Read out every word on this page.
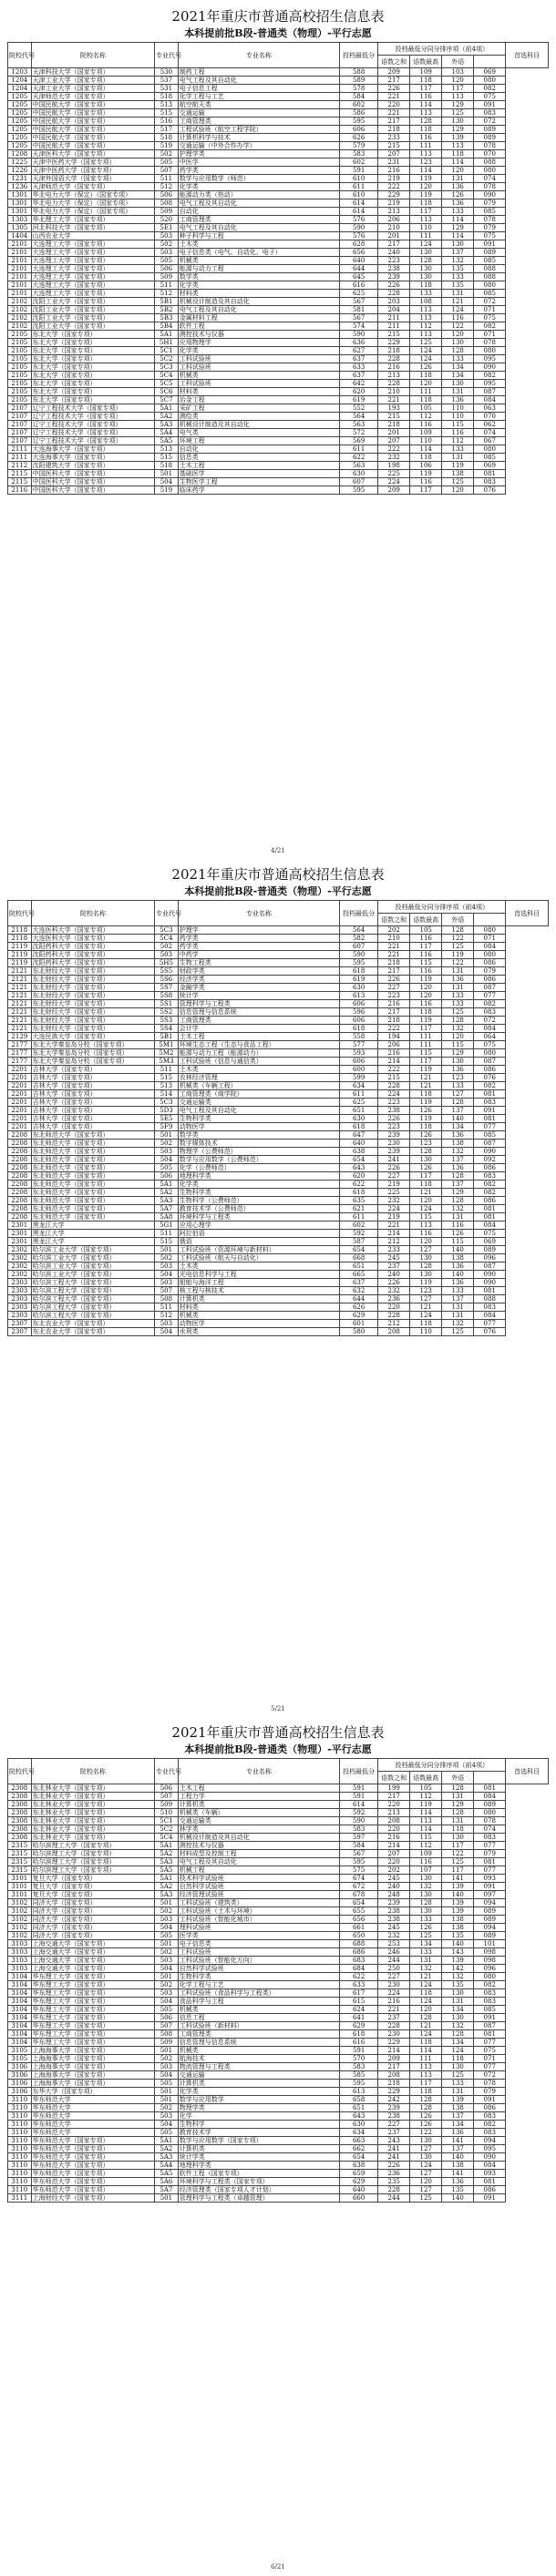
2021年重庆市普通高校招生信息表
本科提前批B段-普通类（物理）-平行志愿
院校代号	院校名称	专业代号	专业名称	投档最低分	投档最低分同分排序项（前4项）				首选科目
					语数之和	语数最高	外语		
1203	天津科技大学（国家专项）	530	制药工程	588	209	109	103	069	
1204	天津工业大学（国家专项）	537	电气工程及其自动化	589	217	118	120	080	
1204	天津工业大学（国家专项）	531	电子信息工程	578	226	117	117	082	
1205	天津师范大学（国家专项）	518	化学工程与工艺	584	221	116	113	075	
1205	中国民航大学（国家专项）	513	航空航天类	602	220	114	129	091	
1205	中国民航大学（国家专项）	515	交通运输	586	221	113	125	083	
1205	中国民航大学（国家专项）	516	工商管理类	595	217	128	130	072	
1205	中国民航大学（国家专项）	517	工程试验班（航空工程学院）	606	218	118	129	089	
1205	中国民航大学（国家专项）	518	计算机科学与技术	626	233	116	139	089	
1205	中国民航大学（国家专项）	519	交通运输（中外合作办学）	579	215	111	113	078	
1208	天津医科大学（国家专项）	502	护理学类	583	207	113	118	070	
1225	天津中医药大学（国家专项）	505	中医学	602	231	123	114	088	
1226	天津中医药大学（国家专项）	507	药学类	591	216	114	120	080	
1231	天津外国语大学（国家专项）	511	数学与应用数学（师范）	610	219	119	131	074	
1236	天津师范大学（国家专项）	512	化学类	611	222	120	136	078	
1301	华北电力大学（保定）（国家专项）	506	能源动力类（热动）	610	229	119	126	090	
1301	华北电力大学（保定）（国家专项）	508	电气工程及其自动化	614	219	118	136	079	
1301	华北电力大学（保定）（国家专项）	509	自动化	614	213	117	133	085	
1303	华北理工大学（国家专项）	520	工商管理类	576	206	113	114	078	
1305	河北科技大学（国家专项）	5E1	电气工程及其自动化	590	210	110	129	079	
1404	山西农业大学	503	种子科学与工程	576	201	111	114	075	
2101	大连理工大学（国家专项）	502	土木类	628	217	124	130	091	
2101	大连理工大学（国家专项）	503	电子信息类（电气、自动化、电子）	656	240	130	137	089	
2101	大连理工大学（国家专项）	505	机械类	640	223	128	132	085	
2101	大连理工大学（国家专项）	506	能源与动力工程	644	238	130	135	088	
2101	大连理工大学（国家专项）	509	数学类	645	239	130	133	088	
2101	大连理工大学（国家专项）	511	化学类	616	226	118	135	080	
2101	大连理工大学（国家专项）	512	材料类	625	228	133	131	085	
2102	沈阳工业大学（国家专项）	5B1	机械设计制造及其自动化	567	203	108	121	072	
2102	沈阳工业大学（国家专项）	5B2	电气工程及其自动化	581	204	113	124	071	
2102	沈阳工业大学（国家专项）	5B3	金属材料工程	567	211	113	116	075	
2102	沈阳工业大学（国家专项）	5B4	软件工程	574	211	112	122	082	
2105	东北大学（国家专项）	5A1	测控技术与仪器	590	215	113	120	071	
2105	东北大学（国家专项）	5H1	应用物理学	636	229	125	130	078	
2105	东北大学（国家专项）	5C1	化学类	627	218	124	128	080	
2105	东北大学（国家专项）	5C2	工科试验班	637	228	124	133	095	
2105	东北大学（国家专项）	5C3	工科试验班	633	216	126	134	090	
2105	东北大学（国家专项）	5C4	机械类	637	213	118	134	082	
2105	东北大学（国家专项）	5C5	工科试验班	642	228	120	130	095	
2105	东北大学（国家专项）	5C6	材料类	620	210	111	131	087	
2105	东北大学（国家专项）	5C7	冶金工程	619	221	118	136	084	
2107	辽宁工程技术大学（国家专项）	5A1	采矿工程	552	193	105	110	063	
2107	辽宁工程技术大学（国家专项）	5A2	测绘类	564	215	112	110	070	
2107	辽宁工程技术大学（国家专项）	5A3	机械设计制造及其自动化	563	218	116	115	062	
2107	辽宁工程技术大学（国家专项）	5A4	电气类	572	201	109	116	074	
2107	辽宁工程技术大学（国家专项）	5A5	环境工程	569	207	110	112	067	
2111	大连海事大学（国家专项）	513	自动化	611	222	114	133	080	
2111	大连海事大学（国家专项）	515	信息类	622	232	118	131	085	
2112	沈阳建筑大学（国家专项）	518	土木工程	563	198	106	119	069	
2115	中国医科大学（国家专项）	501	基础医学	630	225	119	138	081	
2115	中国医科大学（国家专项）	504	生物医学工程	607	224	116	125	083	
2116	中国医科大学（国家专项）	519	临床药学	595	209	117	120	076	
4/21
2021年重庆市普通高校招生信息表
本科提前批B段-普通类（物理）-平行志愿
院校代号	院校名称	专业代号	专业名称	投档最低分	投档最低分同分排序项（前4项）				首选科目
					语数之和	语数最高	外语		
2118	大连医科大学（国家专项）	5C3	护理学	564	202	105	128	080	
2118	大连医科大学（国家专项）	5C4	药学类	582	210	116	122	071	
2119	沈阳药科大学（国家专项）	502	药学类	607	221	117	125	084	
2119	沈阳药科大学（国家专项）	503	中药学	590	221	116	119	080	
2119	沈阳药科大学（国家专项）	5H5	生物工程类	595	218	115	122	086	
2121	东北财经大学（国家专项）	5S5	财政学类	618	217	116	131	079	
2121	东北财经大学（国家专项）	5S6	经济学类	619	226	119	136	086	
2121	东北财经大学（国家专项）	5S7	金融学类	630	227	120	131	087	
2121	东北财经大学（国家专项）	5S8	统计学	613	223	120	133	077	
2121	东北财经大学（国家专项）	5S1	管理科学与工程类	606	216	116	133	082	
2121	东北财经大学（国家专项）	5S2	信息管理与信息系统	596	217	118	125	083	
2121	东北财经大学（国家专项）	5S3	工商管理类	606	218	119	128	072	
2121	东北财经大学（国家专项）	5S4	会计学	618	222	117	132	084	
2129	大连民族大学（国家专项）	5B1	土木工程	558	194	111	120	064	
2177	东北大学秦皇岛分校（国家专项）	5M1	环境生态工程（生态与食品工程）	577	206	111	115	075	
2177	东北大学秦皇岛分校（国家专项）	5M2	能源与动力工程（能源动力）	593	216	115	129	080	
2177	东北大学秦皇岛分校（国家专项）	5M3	工科试验班（信息与通信类）	606	214	117	130	087	
2201	吉林大学（国家专项）	511	土木类	600	222	119	136	086	
2201	吉林大学（国家专项）	515	农林经济管理	599	215	121	123	076	
2201	吉林大学（国家专项）	513	机械类（车辆工程）	634	228	121	133	082	
2201	吉林大学（国家专项）	514	工商管理类（商学院）	611	224	118	127	081	
2201	吉林大学（国家专项）	5C3	交通运输类	625	223	119	128	083	
2201	吉林大学（国家专项）	5D3	电气工程及其自动化	651	238	126	137	091	
2201	吉林大学（国家专项）	5E5	生物科学类	630	226	119	140	081	
2201	吉林大学（国家专项）	5F9	动物医学	618	223	118	134	077	
2208	东北师范大学（国家专项）	501	数学类	647	239	126	136	085	
2208	东北师范大学（国家专项）	502	数字媒体技术	640	230	123	138	087	
2208	东北师范大学（国家专项）	503	物理学（公费师范）	638	239	128	132	090	
2208	东北师范大学（国家专项）	504	数学与应用数学（公费师范）	654	241	130	137	092	
2208	东北师范大学（国家专项）	505	化学（公费师范）	643	226	126	136	086	
2208	东北师范大学（国家专项）	506	地理科学类	620	227	117	128	083	
2208	东北师范大学（国家专项）	5A1	化学类	622	219	118	137	082	
2208	东北师范大学（国家专项）	5A2	生物科学类	618	225	121	129	082	
2208	东北师范大学（国家专项）	5A3	生物科学（公费师范）	635	232	120	128	086	
2208	东北师范大学（国家专项）	5A7	教育技术学（公费师范）	621	224	124	132	081	
2208	东北师范大学（国家专项）	5A8	环境科学与工程类	611	219	115	131	081	
2301	黑龙江大学	5G1	应用心理学	602	221	113	116	084	
2301	黑龙江大学	511	阿拉伯语	592	214	116	126	075	
2301	黑龙江大学	515	俄语	587	212	120	115	069	
2302	哈尔滨工业大学（国家专项）	501	工科试验班（资源环境与新材料）	654	233	127	140	089	
2302	哈尔滨工业大学（国家专项）	502	工科试验班（航天与自动化）	668	245	130	138	096	
2302	哈尔滨工业大学（国家专项）	503	土木类	651	237	128	136	087	
2302	哈尔滨工业大学（国家专项）	504	光电信息科学与工程	665	240	130	140	090	
2303	哈尔滨工程大学（国家专项）	503	船舶与海洋工程	637	226	119	136	090	
2303	哈尔滨工程大学（国家专项）	507	核工程与核技术	632	232	123	133	081	
2303	哈尔滨工程大学（国家专项）	508	计算机类	644	236	127	137	088	
2303	哈尔滨工程大学（国家专项）	511	材料类	626	220	121	131	083	
2303	哈尔滨工程大学（国家专项）	512	机械类	629	228	124	131	084	
2307	东北农业大学（国家专项）	503	动物医学	601	212	118	132	077	
2307	东北农业大学（国家专项）	504	水利类	580	208	110	125	076	
5/21
2021年重庆市普通高校招生信息表
本科提前批B段-普通类（物理）-平行志愿
院校代号	院校名称	专业代号	专业名称	投档最低分	投档最低分同分排序项（前4项）				首选科目
					语数之和	语数最高	外语		
2308	东北林业大学（国家专项）	506	土木工程	591	199	105	128	081	
2308	东北林业大学（国家专项）	507	工程力学	591	217	112	131	084	
2308	东北林业大学（国家专项）	509	计算机类	614	220	119	129	089	
2308	东北林业大学（国家专项）	510	机械类（车辆）	592	213	114	128	080	
2308	东北林业大学（国家专项）	5C1	交通运输类	590	208	113	131	078	
2308	东北林业大学（国家专项）	5C2	林学类	583	220	114	118	074	
2308	东北林业大学（国家专项）	5C4	机械设计制造及其自动化	597	216	115	130	083	
2315	哈尔滨理工大学（国家专项）	5A1	测控技术与仪器	584	214	112	117	077	
2315	哈尔滨理工大学（国家专项）	5A2	材料成型及控制工程	567	207	109	122	079	
2315	哈尔滨理工大学（国家专项）	5A3	电气工程及其自动化	595	220	116	125	081	
2315	哈尔滨理工大学（国家专项）	5A5	机械工程	575	202	107	117	077	
3101	复旦大学（国家专项）	5A1	技术科学试验班	674	245	130	141	093	
3101	复旦大学（国家专项）	5A2	自然科学试验班	672	240	132	139	091	
3101	复旦大学（国家专项）	5A3	经济管理试验班	678	248	130	140	097	
3102	同济大学（国家专项）	501	工科试验班（建筑类）	654	239	128	139	094	
3102	同济大学（国家专项）	502	工科试验班（土木与环境）	655	238	130	139	089	
3102	同济大学（国家专项）	503	工科试验班（智能化城市）	656	238	133	138	089	
3102	同济大学（国家专项）	504	理科试验班	661	245	126	138	094	
3102	同济大学（国家专项）	505	医学类	650	232	125	135	089	
3103	上海交通大学（国家专项）	501	电子信息类	688	253	134	140	101	
3103	上海交通大学（国家专项）	502	工科试验班	686	246	133	143	098	
3103	上海交通大学（国家专项）	503	工科试验班（智能化方向）	683	244	131	139	098	
3103	上海交通大学（国家专项）	504	自然科学试验班	684	250	132	142	096	
3104	华东理工大学（国家专项）	501	生物科学类	622	227	121	132	080	
3104	华东理工大学（国家专项）	502	化学工程与工艺	633	230	124	135	082	
3104	华东理工大学（国家专项）	503	工科试验班（食品科学与工程类）	617	224	118	130	083	
3104	华东理工大学（国家专项）	504	食品科学与工程	615	216	124	131	083	
3104	华东理工大学（国家专项）	505	机械类	624	221	120	134	085	
3104	华东理工大学（国家专项）	506	信息工程	641	237	128	130	091	
3104	华东理工大学（国家专项）	507	工科试验班（新材料）	629	228	121	132	087	
3104	华东理工大学（国家专项）	508	工商管理类	618	230	124	128	081	
3104	华东理工大学（国家专项）	509	信息管理与信息系统	616	229	118	134	077	
3105	上海海事大学（国家专项）	501	机械类	591	214	114	124	075	
3105	上海海事大学（国家专项）	502	航海技术	570	209	111	118	071	
3106	上海海事大学（国家专项）	503	物流管理与工程类	583	217	113	130	077	
3106	上海海事大学（国家专项）	504	交通运输	585	208	113	125	072	
3106	上海海事大学（国家专项）	505	计算机类	595	218	117	133	078	
3106	东华大学（国家专项）	501	化学类	613	229	118	131	079	
3110	华东师范大学	501	数学与应用数学	658	242	128	139	091	
3110	华东师范大学	502	物理学类	651	239	128	138	086	
3110	华东师范大学	503	化学	643	238	126	137	083	
3110	华东师范大学	504	生物科学	630	227	126	134	082	
3110	华东师范大学	505	教育技术学	634	237	122	136	083	
3110	华东师范大学（国家专项）	5A1	数学与应用数学（国家专项）	663	243	130	141	094	
3110	华东师范大学（国家专项）	5A2	计算机类	662	241	127	137	095	
3110	华东师范大学（国家专项）	5A3	统计学类	654	241	130	140	090	
3110	华东师范大学（国家专项）	5A4	地理科学类	638	226	124	138	084	
3110	华东师范大学（国家专项）	5A5	软件工程（国家专项）	659	236	127	141	093	
3110	华东师范大学（国家专项）	5A6	环境科学与工程类（国家专项）	629	235	120	136	081	
3110	华东师范大学（国家专项）	5A7	经济管理类（国家专项人才计划）	640	228	127	135	086	
3111	上海财经大学（国家专项）	501	管理科学与工程类（卓越管理）	660	244	125	140	091	
6/21
